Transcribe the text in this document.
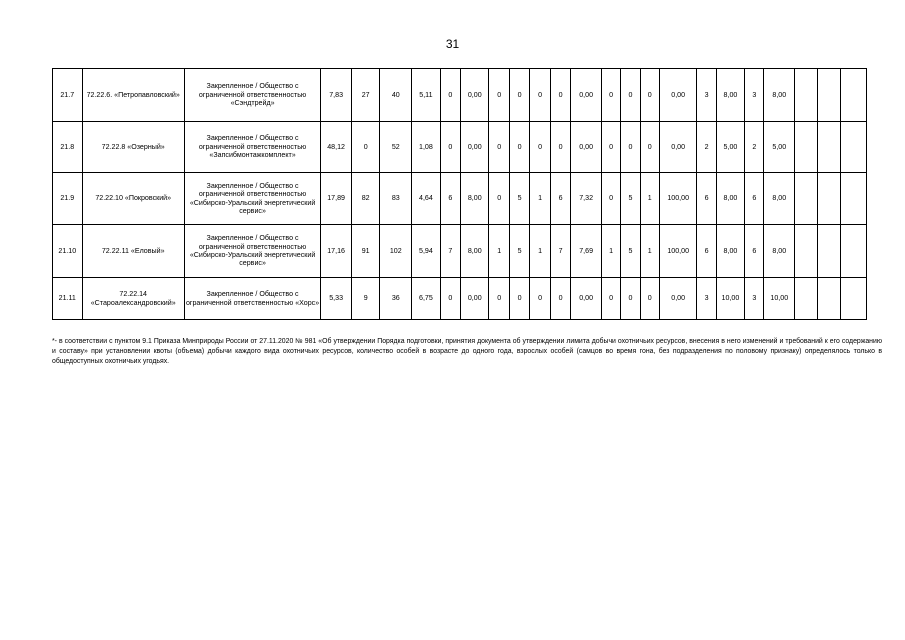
31
21.7	72.22.6. «Петропавловский»	Закрепленное / Общество с ограниченной ответственностью «Сэндтрейд»	7,83	27	40	5,11	0	0,00	0	0	0	0	0,00	0	0	0	0,00	3	8,00	3	8,00			
21.8	72.22.8 «Озерный»	Закрепленное / Общество с ограниченной ответственностью «Запсибмонтажкомплект»	48,12	0	52	1,08	0	0,00	0	0	0	0	0,00	0	0	0	0,00	2	5,00	2	5,00			
21.9	72.22.10 «Покровский»	Закрепленное / Общество с ограниченной ответственностью «Сибирско-Уральский энергетический сервис»	17,89	82	83	4,64	6	8,00	0	5	1	6	7,32	0	5	1	100,00	6	8,00	6	8,00			
21.10	72.22.11 «Еловый»	Закрепленное / Общество с ограниченной ответственностью «Сибирско-Уральский энергетический сервис»	17,16	91	102	5,94	7	8,00	1	5	1	7	7,69	1	5	1	100,00	6	8,00	6	8,00			
21.11	72.22.14 «Староалександровский»	Закрепленное / Общество с ограниченной ответственностью «Хорс»	5,33	9	36	6,75	0	0,00	0	0	0	0	0,00	0	0	0	0,00	3	10,00	3	10,00			
*- в соответствии с пунктом 9.1 Приказа Минприроды России от 27.11.2020 № 981 «Об утверждении Порядка подготовки, принятия документа об утверждении лимита добычи охотничьих ресурсов, внесения в него изменений и требований к его содержанию и составу» при установлении квоты (объема) добычи каждого вида охотничьих ресурсов, количество особей в возрасте до одного года, взрослых особей (самцов во время гона, без подразделения по половому признаку) определялось только в общедоступных охотничьих угодьях.
